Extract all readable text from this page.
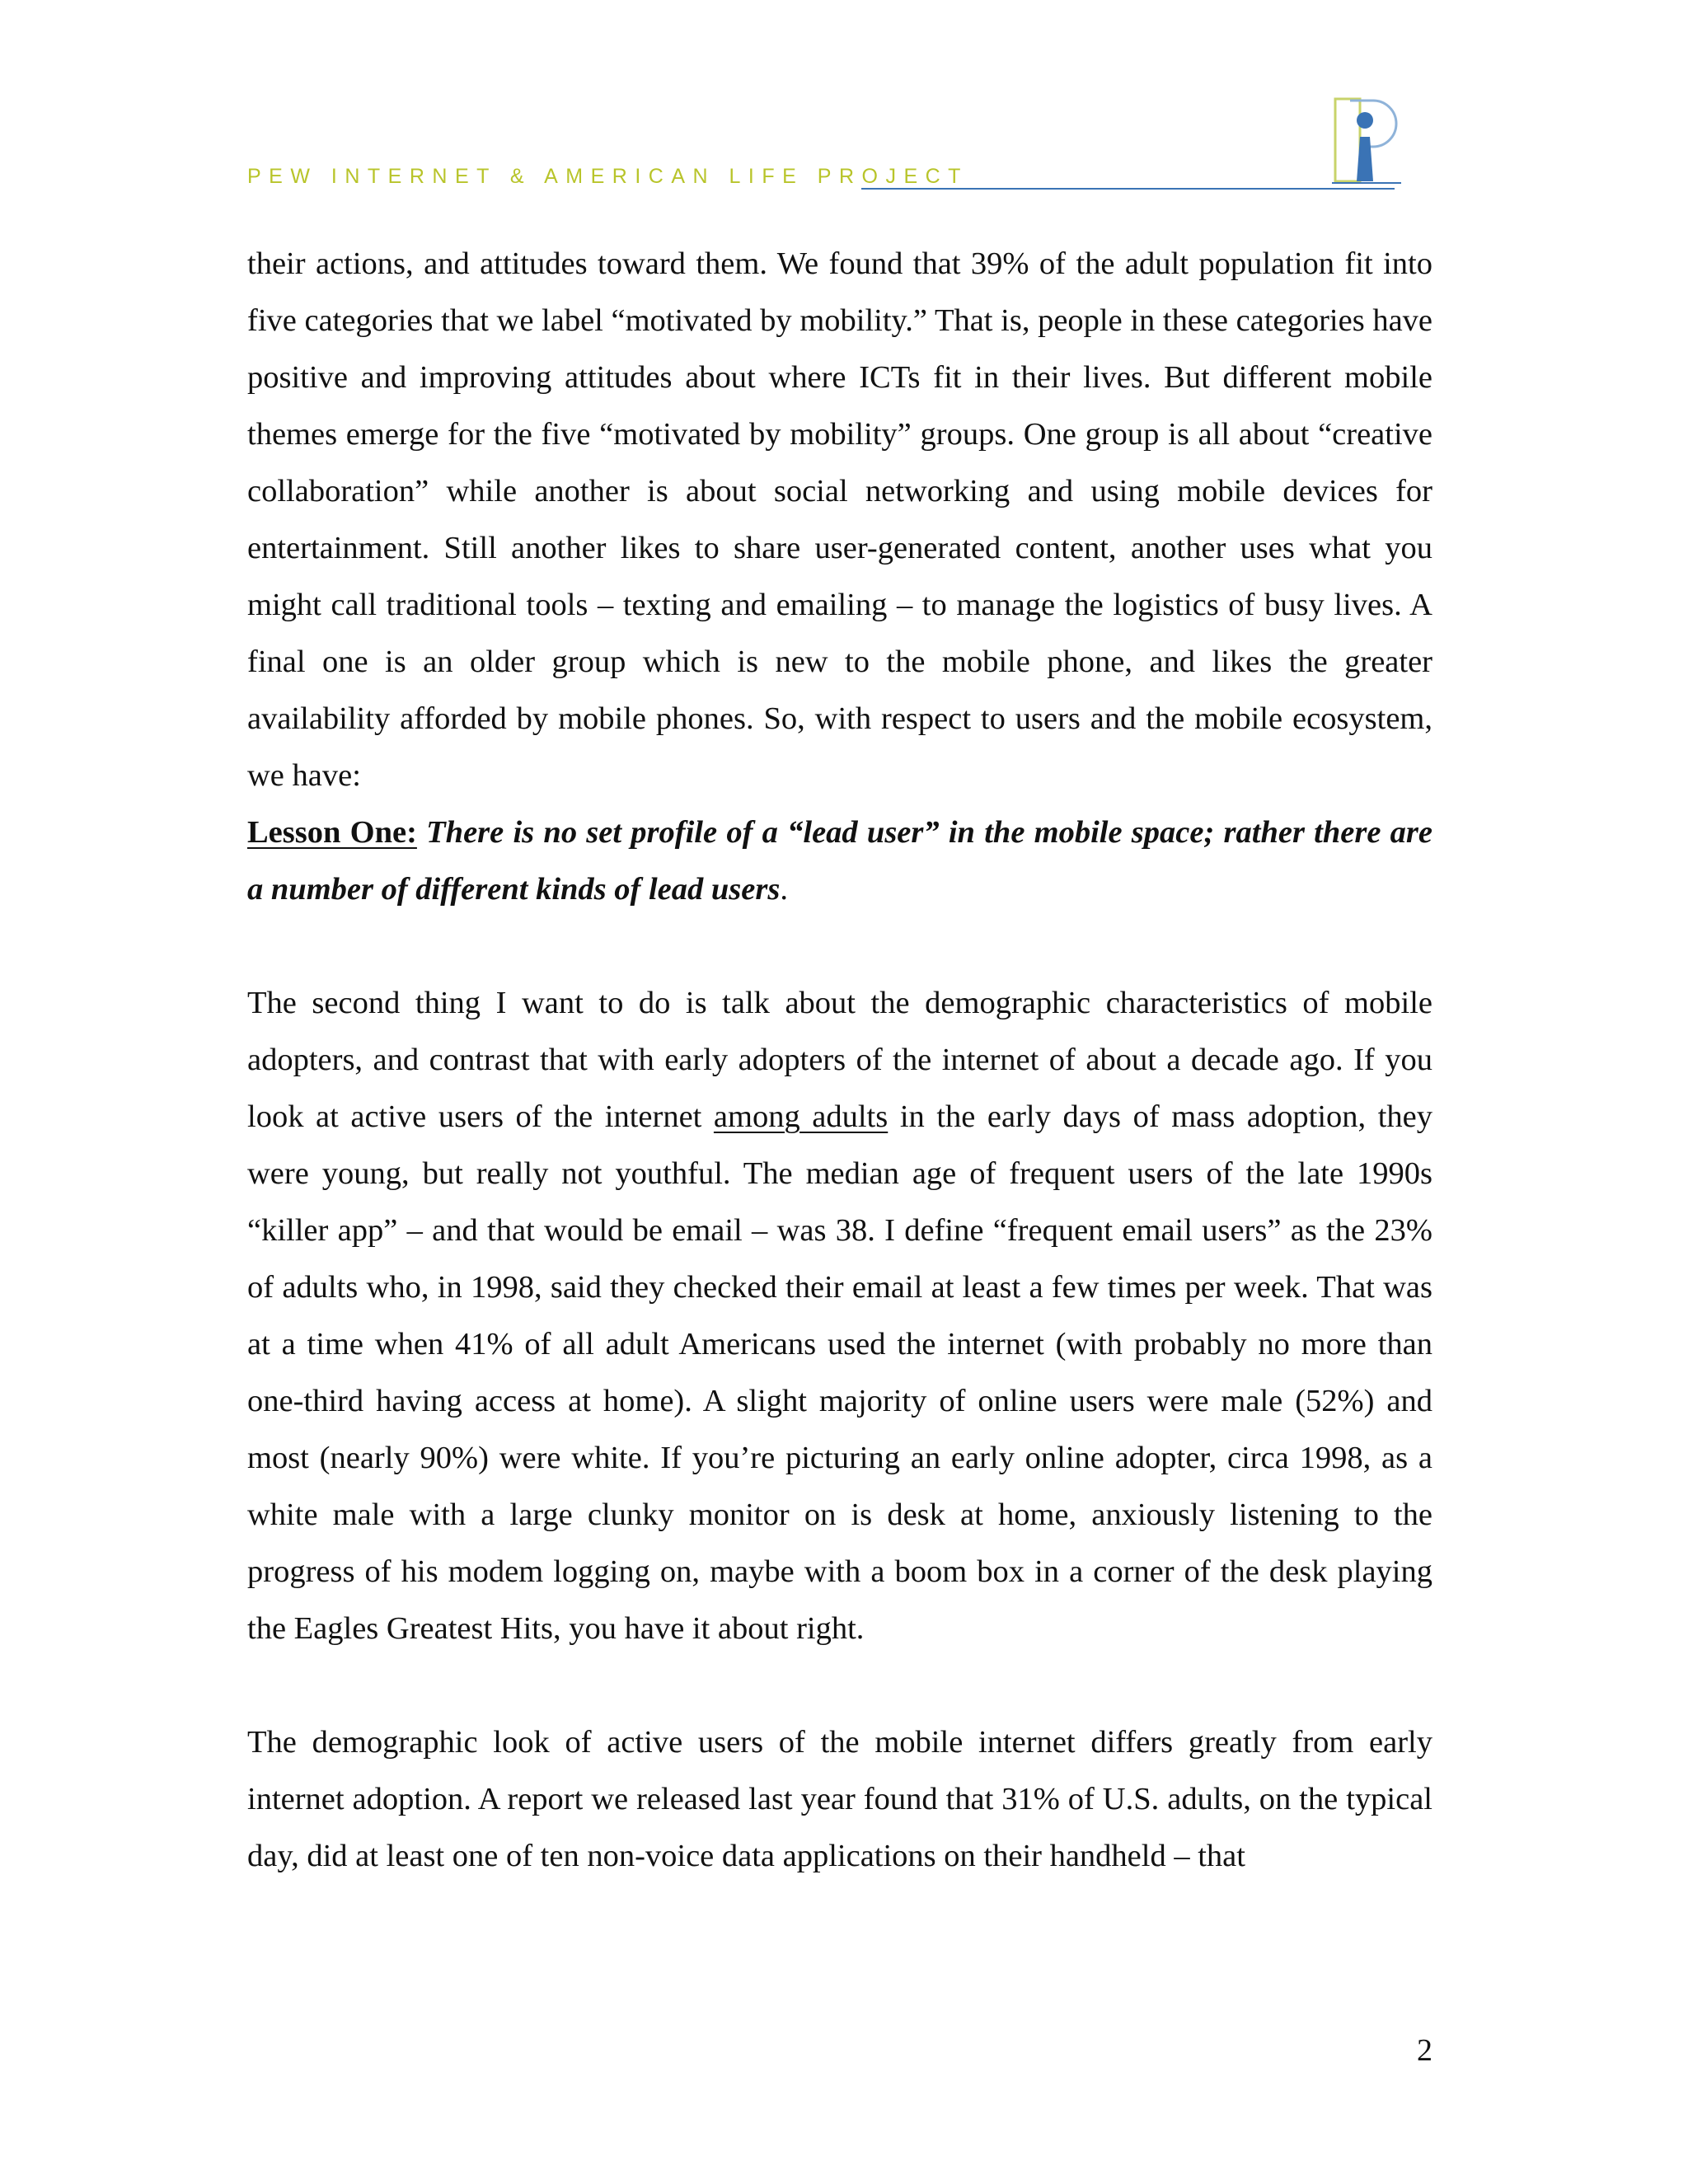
PEW INTERNET & AMERICAN LIFE PROJECT

their actions, and attitudes toward them. We found that 39% of the adult population fit into five categories that we label “motivated by mobility.” That is, people in these categories have positive and improving attitudes about where ICTs fit in their lives. But different mobile themes emerge for the five “motivated by mobility” groups. One group is all about “creative collaboration” while another is about social networking and using mobile devices for entertainment. Still another likes to share user-generated content, another uses what you might call traditional tools – texting and emailing – to manage the logistics of busy lives. A final one is an older group which is new to the mobile phone, and likes the greater availability afforded by mobile phones. So, with respect to users and the mobile ecosystem, we have:

Lesson One: There is no set profile of a “lead user” in the mobile space; rather there are a number of different kinds of lead users.

The second thing I want to do is talk about the demographic characteristics of mobile adopters, and contrast that with early adopters of the internet of about a decade ago. If you look at active users of the internet among adults in the early days of mass adoption, they were young, but really not youthful. The median age of frequent users of the late 1990s “killer app” – and that would be email – was 38. I define “frequent email users” as the 23% of adults who, in 1998, said they checked their email at least a few times per week. That was at a time when 41% of all adult Americans used the internet (with probably no more than one-third having access at home). A slight majority of online users were male (52%) and most (nearly 90%) were white. If you’re picturing an early online adopter, circa 1998, as a white male with a large clunky monitor on is desk at home, anxiously listening to the progress of his modem logging on, maybe with a boom box in a corner of the desk playing the Eagles Greatest Hits, you have it about right.

The demographic look of active users of the mobile internet differs greatly from early internet adoption. A report we released last year found that 31% of U.S. adults, on the typical day, did at least one of ten non-voice data applications on their handheld – that

2
